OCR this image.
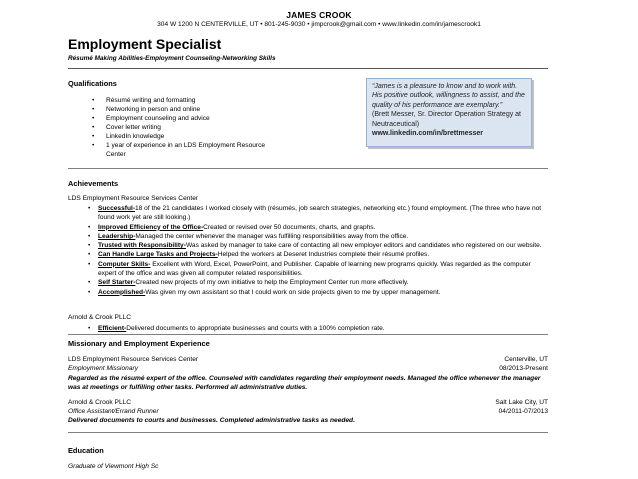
JAMES CROOK
304 W 1200 N CENTERVILLE, UT • 801-245-9030 • jimpcrook@gmail.com • www.linkedin.com/in/jamescrook1
Employment Specialist
Résumé Making Abilities-Employment Counseling-Networking Skills
Qualifications
• Résumé writing and formatting
• Networking in person and online
• Employment counseling and advice
• Cover letter writing
• LinkedIn knowledge
• 1 year of experience in an LDS Employment Resource Center
“James is a pleasure to know and to work with. His positive outlook, willingness to assist, and the quality of his performance are exemplary.”
(Brett Messer, Sr. Director Operation Strategy at Neutraceutical)
www.linkedin.com/in/brettmesser
Achievements
LDS Employment Resource Services Center
• Successful-18 of the 21 candidates I worked closely with (résumés, job search strategies, networking etc.) found employment. (The three who have not found work yet are still looking.)
• Improved Efficiency of the Office-Created or revised over 50 documents, charts, and graphs.
• Leadership-Managed the center whenever the manager was fulfilling responsibilities away from the office.
• Trusted with Responsibility-Was asked by manager to take care of contacting all new employer editors and candidates who registered on our website.
• Can Handle Large Tasks and Projects-Helped the workers at Deseret Industries complete their résumé profiles.
• Computer Skills- Excellent with Word, Excel, PowerPoint, and Publisher. Capable of learning new programs quickly. Was regarded as the computer expert of the office and was given all computer related responsibilities.
• Self Starter-Created new projects of my own initiative to help the Employment Center run more effectively.
• Accomplished-Was given my own assistant so that I could work on side projects given to me by upper management.
Arnold & Crook PLLC
• Efficient-Delivered documents to appropriate businesses and courts with a 100% completion rate.
Missionary and Employment Experience
LDS Employment Resource Services Center	Centerville, UT
Employment Missionary	08/2013-Present
Regarded as the résumé expert of the office. Counseled with candidates regarding their employment needs. Managed the office whenever the manager was at meetings or fulfilling other tasks. Performed all administrative duties.
Arnold & Crook PLLC	Salt Lake City, UT
Office Assistant/Errand Runner	04/2011-07/2013
Delivered documents to courts and businesses. Completed administrative tasks as needed.
Education
Graduate of Viewmont High Sc
